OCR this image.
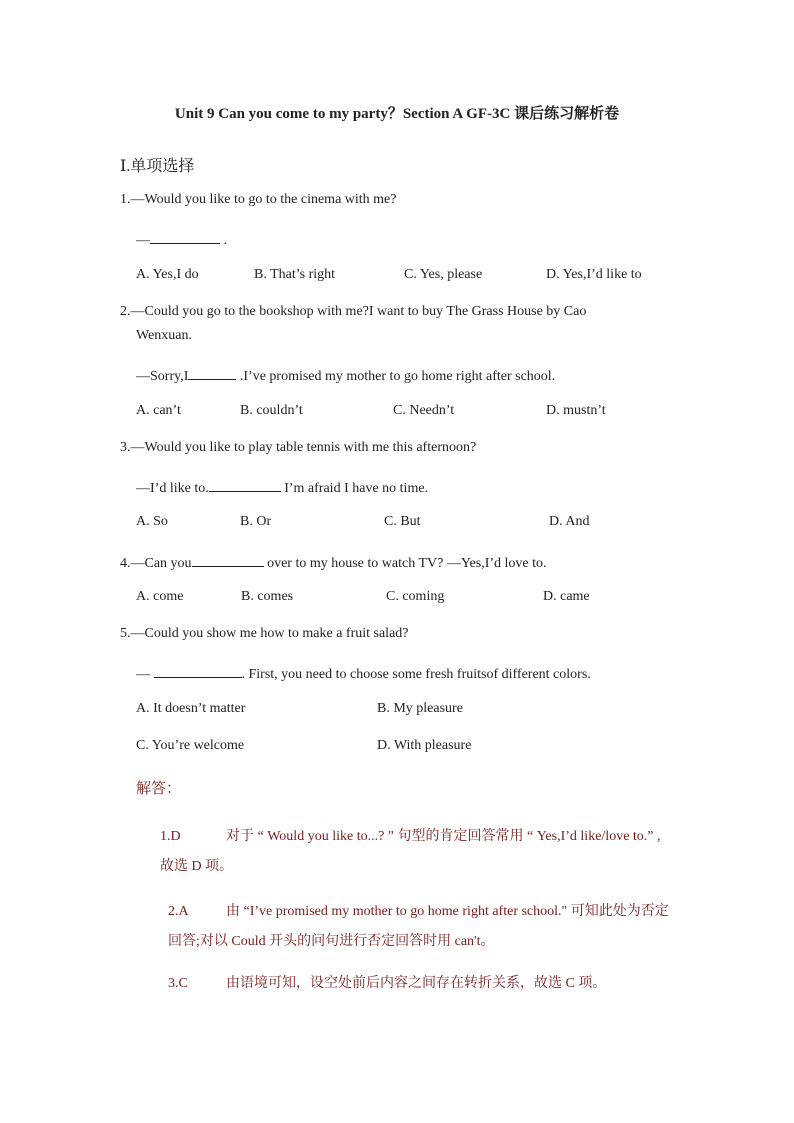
Unit 9 Can you come to my party？Section A GF-3C 课后练习解析卷
Ⅰ.单项选择
1.—Would you like to go to the cinema with me?
—	.
A. Yes,I do	B. That’s right	C. Yes, please	D. Yes,I’d like to
2.—Could you go to the bookshop with me?I want to buy The Grass House by Cao
Wenxuan.
—Sorry,I	.I’ve promised my mother to go home right after school.
A. can’t	B. couldn’t	C. Needn’t	D. mustn’t
3.—Would you like to play table tennis with me this afternoon?
—I’d like to.	I’m afraid I have no time.
A. So	B. Or	C. But	D. And
4.—Can you	over to my house to watch TV? —Yes,I’d love to.
A. come	B. comes	C. coming	D. came
5.—Could you show me how to make a fruit salad?
—	. First, you need to choose some fresh fruitsof different colors.
A. It doesn’t matter	B. My pleasure
C. You’re welcome	D. With pleasure
解答：
1.D	对于 “ Would you like to...? ” 句型的肯定回答常用 “ Yes,I’d like/love to.” ,故选 D 项。
2.A	由 “I’ve promised my mother to go home right after school." 可知此处为否定回答;对以 Could 开头的问句进行否定回答时用 can't。
3.C	由语境可知，设空处前后内容之间存在转折关系，故选 C 项。
